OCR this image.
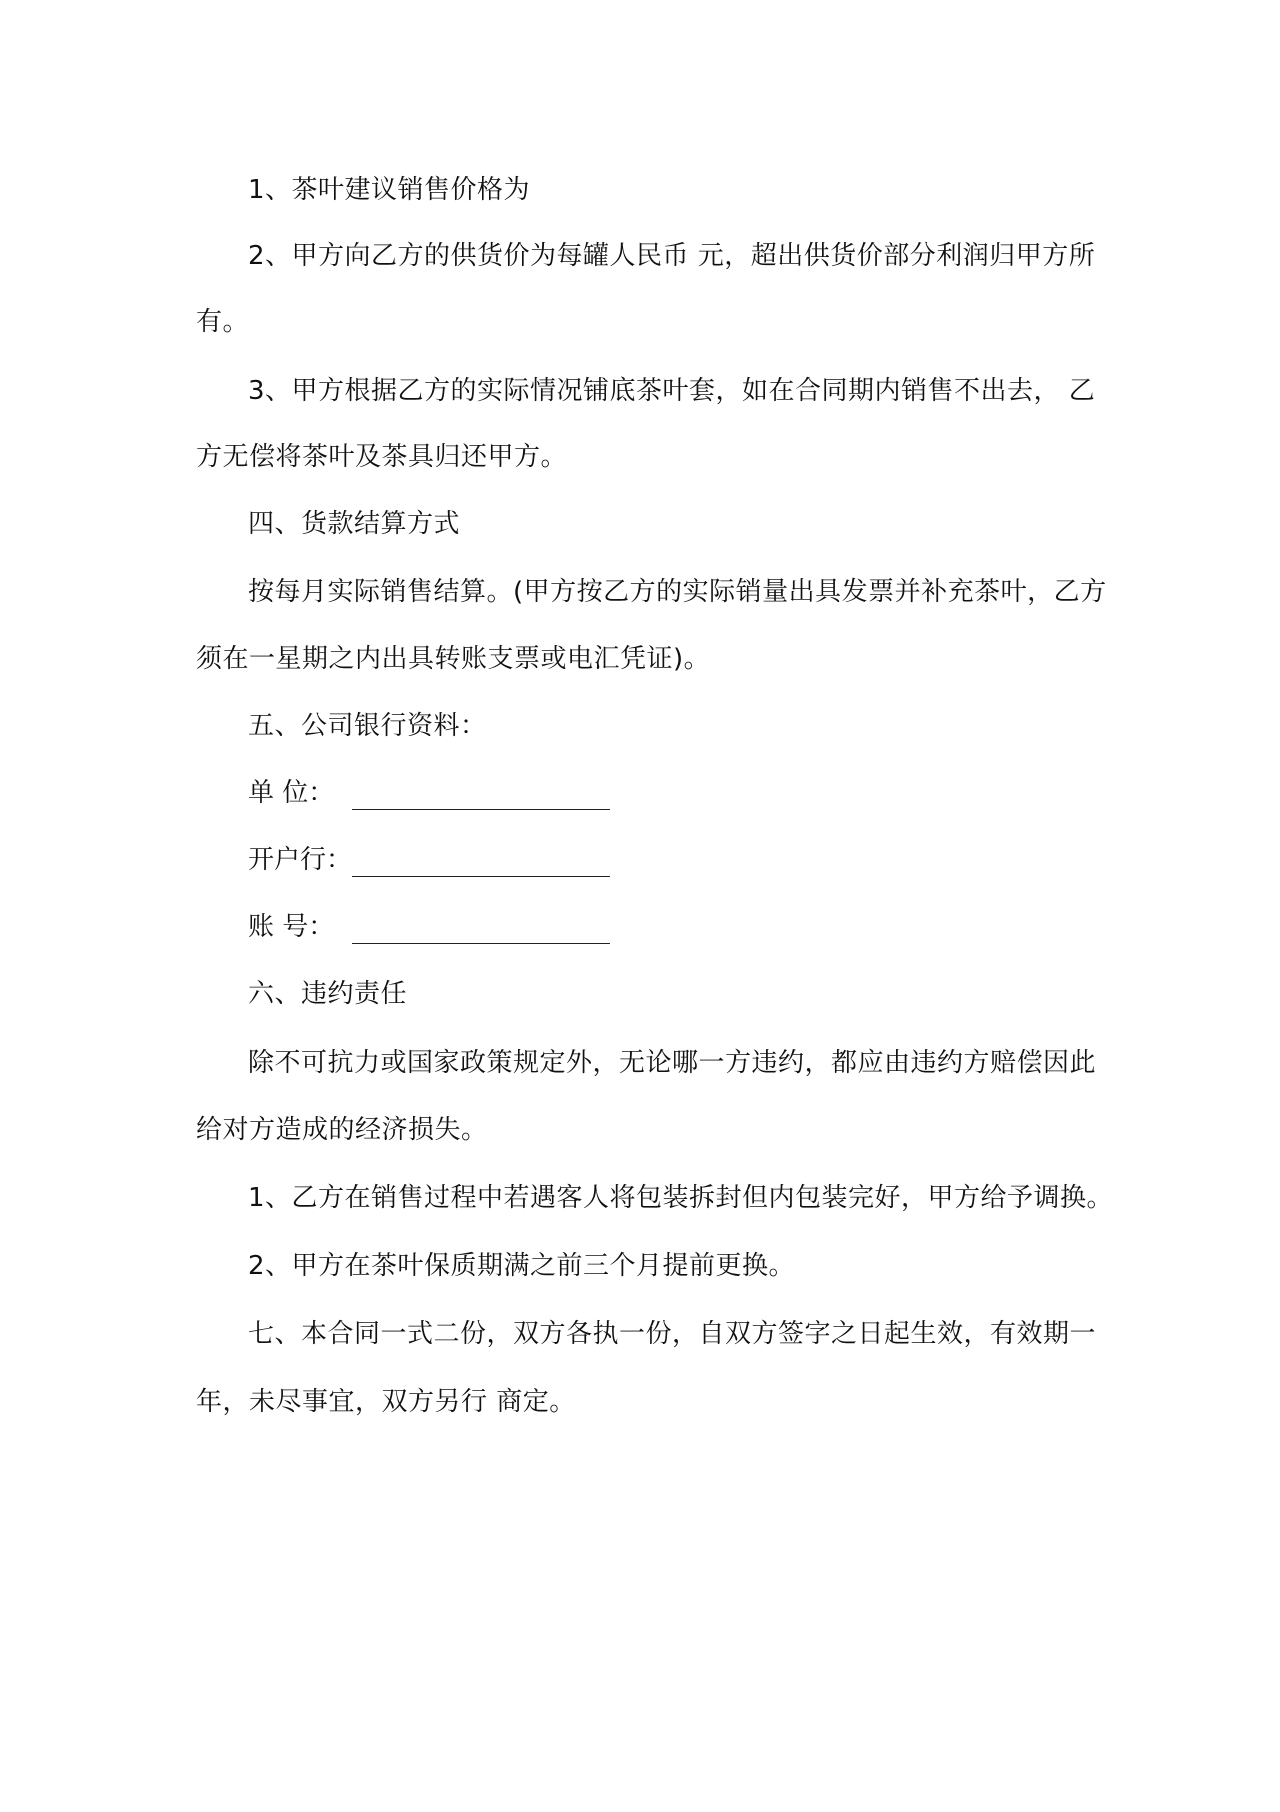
1、茶叶建议销售价格为
2、甲方向乙方的供货价为每罐人民币 元，超出供货价部分利润归甲方所
有。
3、甲方根据乙方的实际情况铺底茶叶套，如在合同期内销售不出去， 乙
方无偿将茶叶及茶具归还甲方。
四、货款结算方式
按每月实际销售结算。(甲方按乙方的实际销量出具发票并补充茶叶，乙方
须在一星期之内出具转账支票或电汇凭证)。
五、公司银行资料：
单 位：
开户行：
账 号：
六、违约责任
除不可抗力或国家政策规定外，无论哪一方违约，都应由违约方赔偿因此
给对方造成的经济损失。
1、乙方在销售过程中若遇客人将包装拆封但内包装完好，甲方给予调换。
2、甲方在茶叶保质期满之前三个月提前更换。
七、本合同一式二份，双方各执一份，自双方签字之日起生效，有效期一
年，未尽事宜，双方另行 商定。
